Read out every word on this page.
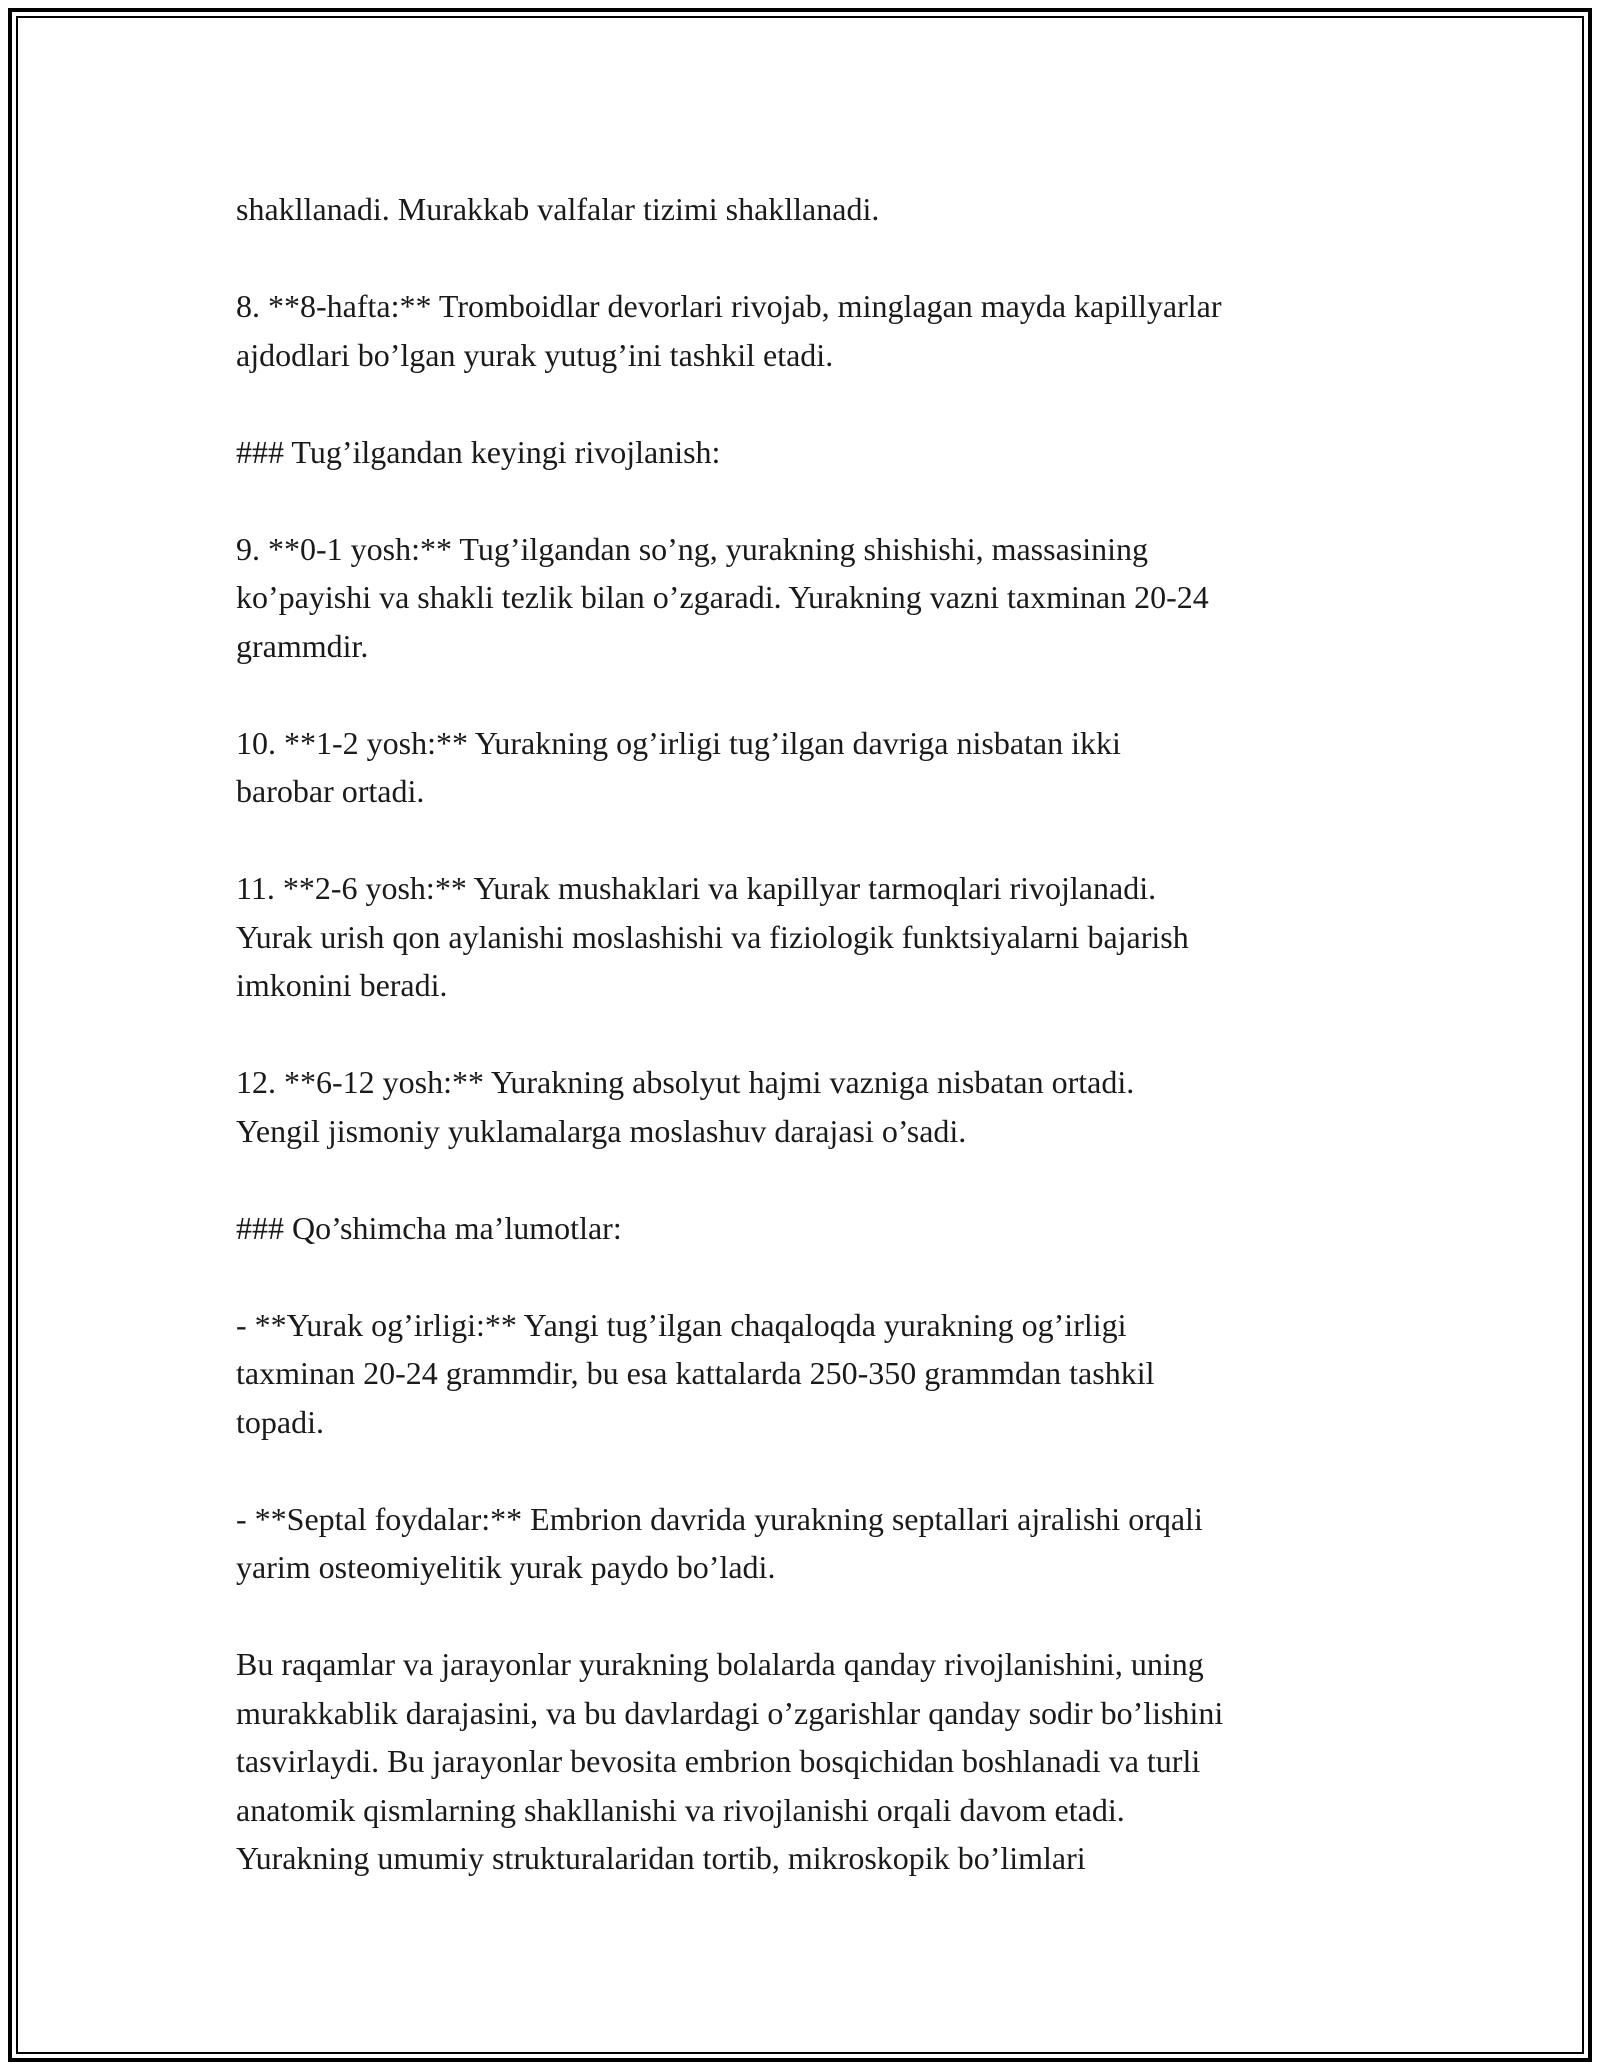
shakllanadi. Murakkab valfalar tizimi shakllanadi.

8. **8-hafta:** Tromboidlar devorlari rivojab, minglagan mayda kapillyarlar
ajdodlari bo’lgan yurak yutug’ini tashkil etadi.

### Tug’ilgandan keyingi rivojlanish:

9. **0-1 yosh:** Tug’ilgandan so’ng, yurakning shishishi, massasining
ko’payishi va shakli tezlik bilan o’zgaradi. Yurakning vazni taxminan 20-24
grammdir.

10. **1-2 yosh:** Yurakning og’irligi tug’ilgan davriga nisbatan ikki
barobar ortadi.

11. **2-6 yosh:** Yurak mushaklari va kapillyar tarmoqlari rivojlanadi.
Yurak urish qon aylanishi moslashishi va fiziologik funktsiyalarni bajarish
imkonini beradi.

12. **6-12 yosh:** Yurakning absolyut hajmi vazniga nisbatan ortadi.
Yengil jismoniy yuklamalarga moslashuv darajasi o’sadi.

### Qo’shimcha ma’lumotlar:

- **Yurak og’irligi:** Yangi tug’ilgan chaqaloqda yurakning og’irligi
taxminan 20-24 grammdir, bu esa kattalarda 250-350 grammdan tashkil
topadi.

- **Septal foydalar:** Embrion davrida yurakning septallari ajralishi orqali
yarim osteomiyelitik yurak paydo bo’ladi.

Bu raqamlar va jarayonlar yurakning bolalarda qanday rivojlanishini, uning
murakkablik darajasini, va bu davlardagi o’zgarishlar qanday sodir bo’lishini
tasvirlaydi. Bu jarayonlar bevosita embrion bosqichidan boshlanadi va turli
anatomik qismlarning shakllanishi va rivojlanishi orqali davom etadi.
Yurakning umumiy strukturalaridan tortib, mikroskopik bo’limlari
